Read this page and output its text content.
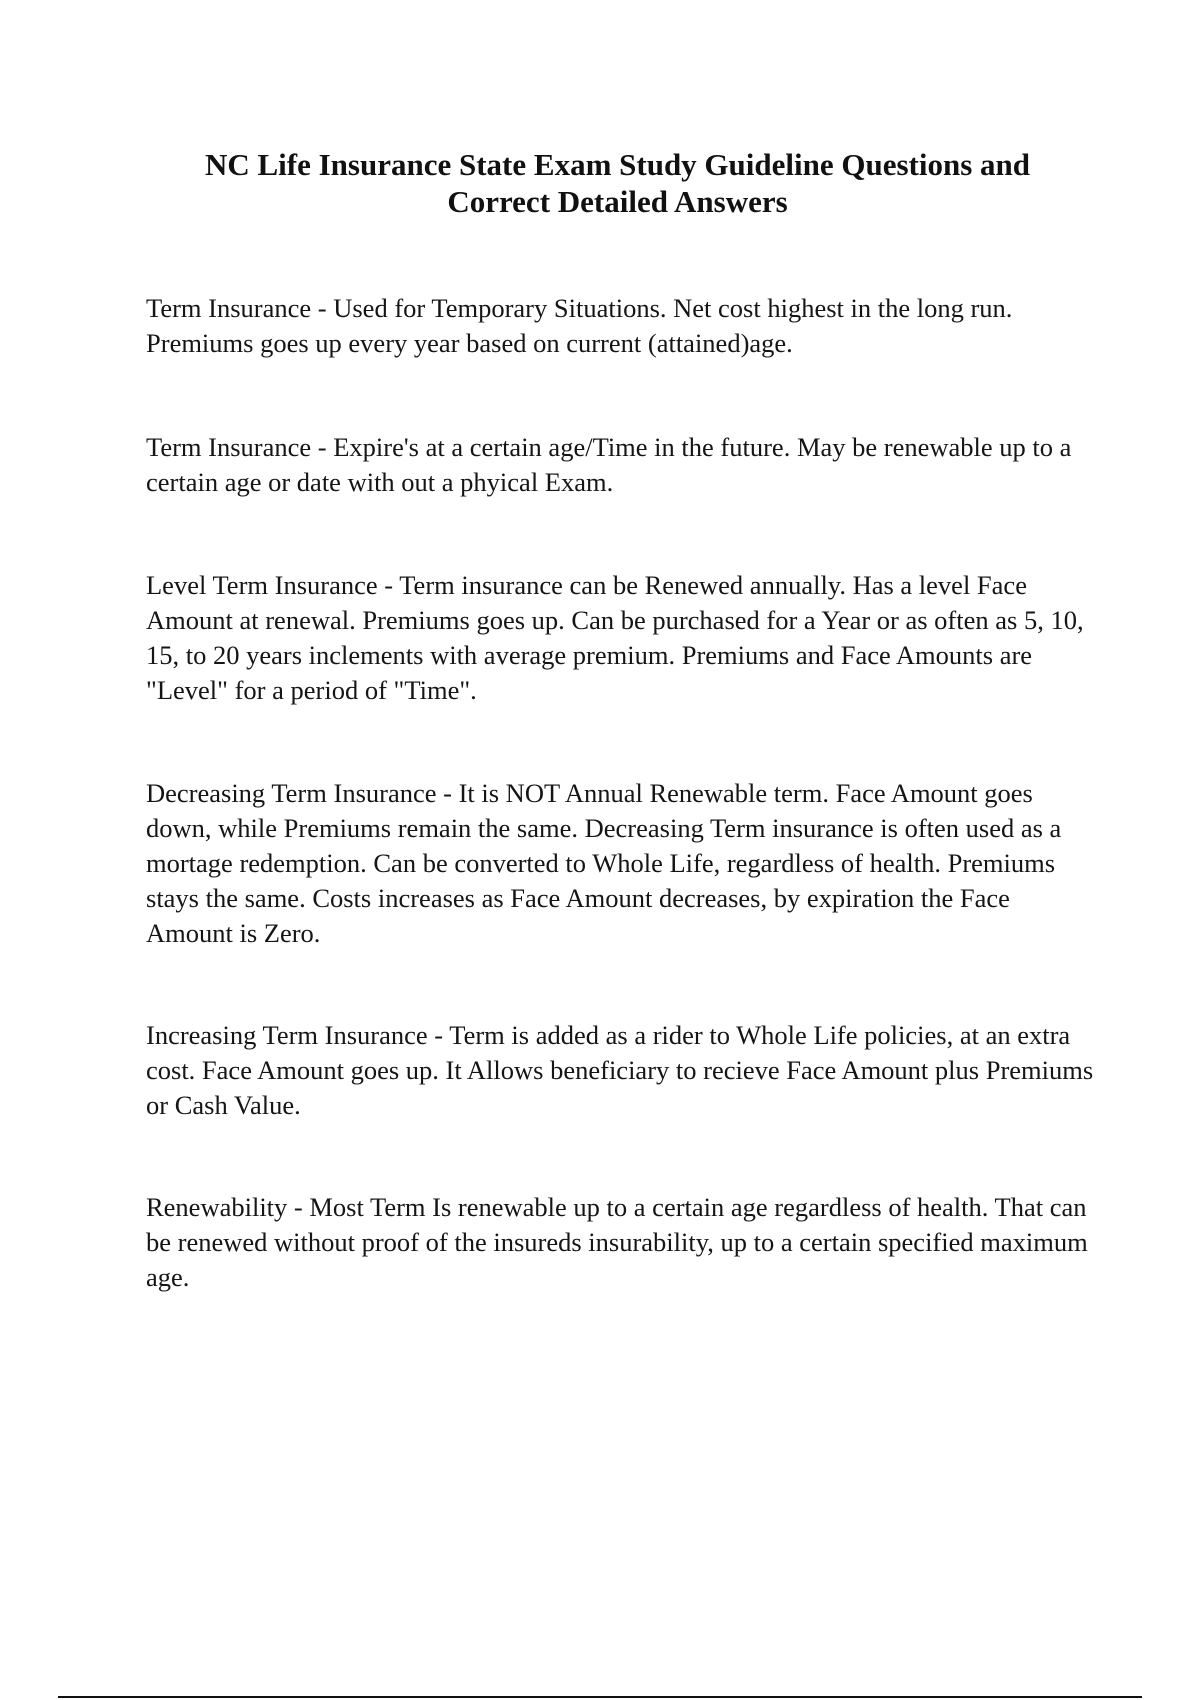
NC Life Insurance State Exam Study Guideline Questions and Correct Detailed Answers

Term Insurance - Used for Temporary Situations. Net cost highest in the long run. Premiums goes up every year based on current (attained)age.

Term Insurance - Expire's at a certain age/Time in the future. May be renewable up to a certain age or date with out a phyical Exam.

Level Term Insurance - Term insurance can be Renewed annually. Has a level Face Amount at renewal. Premiums goes up. Can be purchased for a Year or as often as 5, 10, 15, to 20 years inclements with average premium. Premiums and Face Amounts are "Level" for a period of "Time".

Decreasing Term Insurance - It is NOT Annual Renewable term. Face Amount goes down, while Premiums remain the same. Decreasing Term insurance is often used as a mortage redemption. Can be converted to Whole Life, regardless of health. Premiums stays the same. Costs increases as Face Amount decreases, by expiration the Face Amount is Zero.

Increasing Term Insurance - Term is added as a rider to Whole Life policies, at an extra cost. Face Amount goes up. It Allows beneficiary to recieve Face Amount plus Premiums or Cash Value.

Renewability - Most Term Is renewable up to a certain age regardless of health. That can be renewed without proof of the insureds insurability, up to a certain specified maximum age.
